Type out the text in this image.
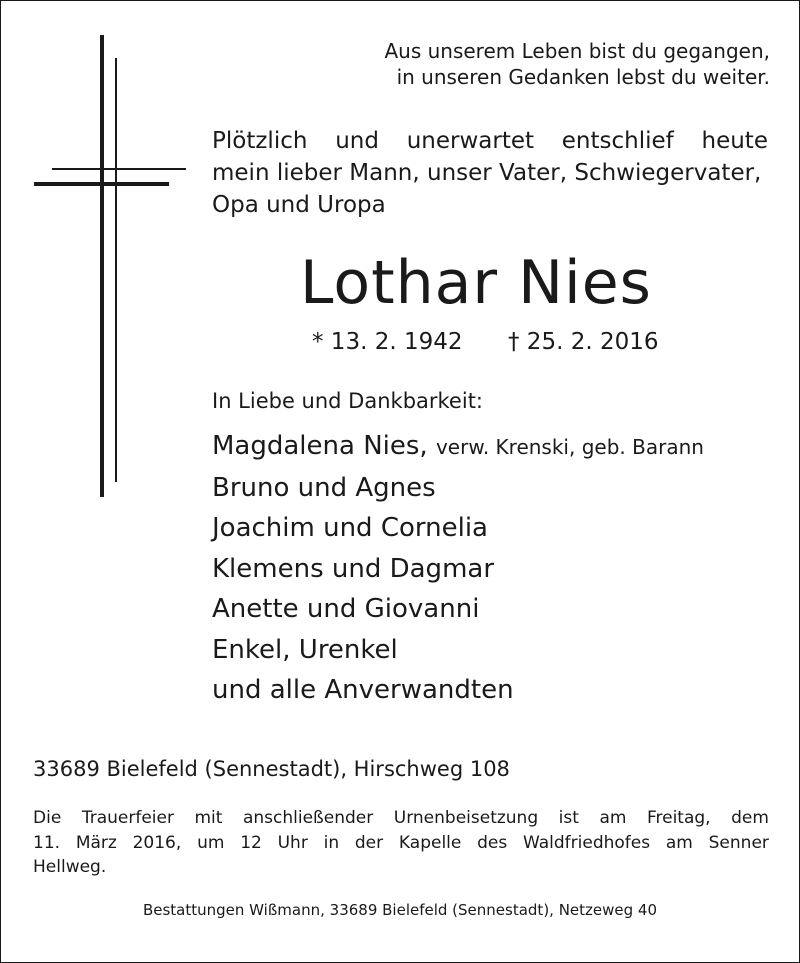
Aus unserem Leben bist du gegangen,
in unseren Gedanken lebst du weiter.
Plötzlich und unerwartet entschlief heute
mein lieber Mann, unser Vater, Schwiegervater,
Opa und Uropa
Lothar Nies
* 13. 2. 1942 † 25. 2. 2016
In Liebe und Dankbarkeit:
Magdalena Nies, verw. Krenski, geb. Barann
Bruno und Agnes
Joachim und Cornelia
Klemens und Dagmar
Anette und Giovanni
Enkel, Urenkel
und alle Anverwandten
33689 Bielefeld (Sennestadt), Hirschweg 108
Die Trauerfeier mit anschließender Urnenbeisetzung ist am Freitag, dem
11. März 2016, um 12 Uhr in der Kapelle des Waldfriedhofes am Senner
Hellweg.
Bestattungen Wißmann, 33689 Bielefeld (Sennestadt), Netzeweg 40
